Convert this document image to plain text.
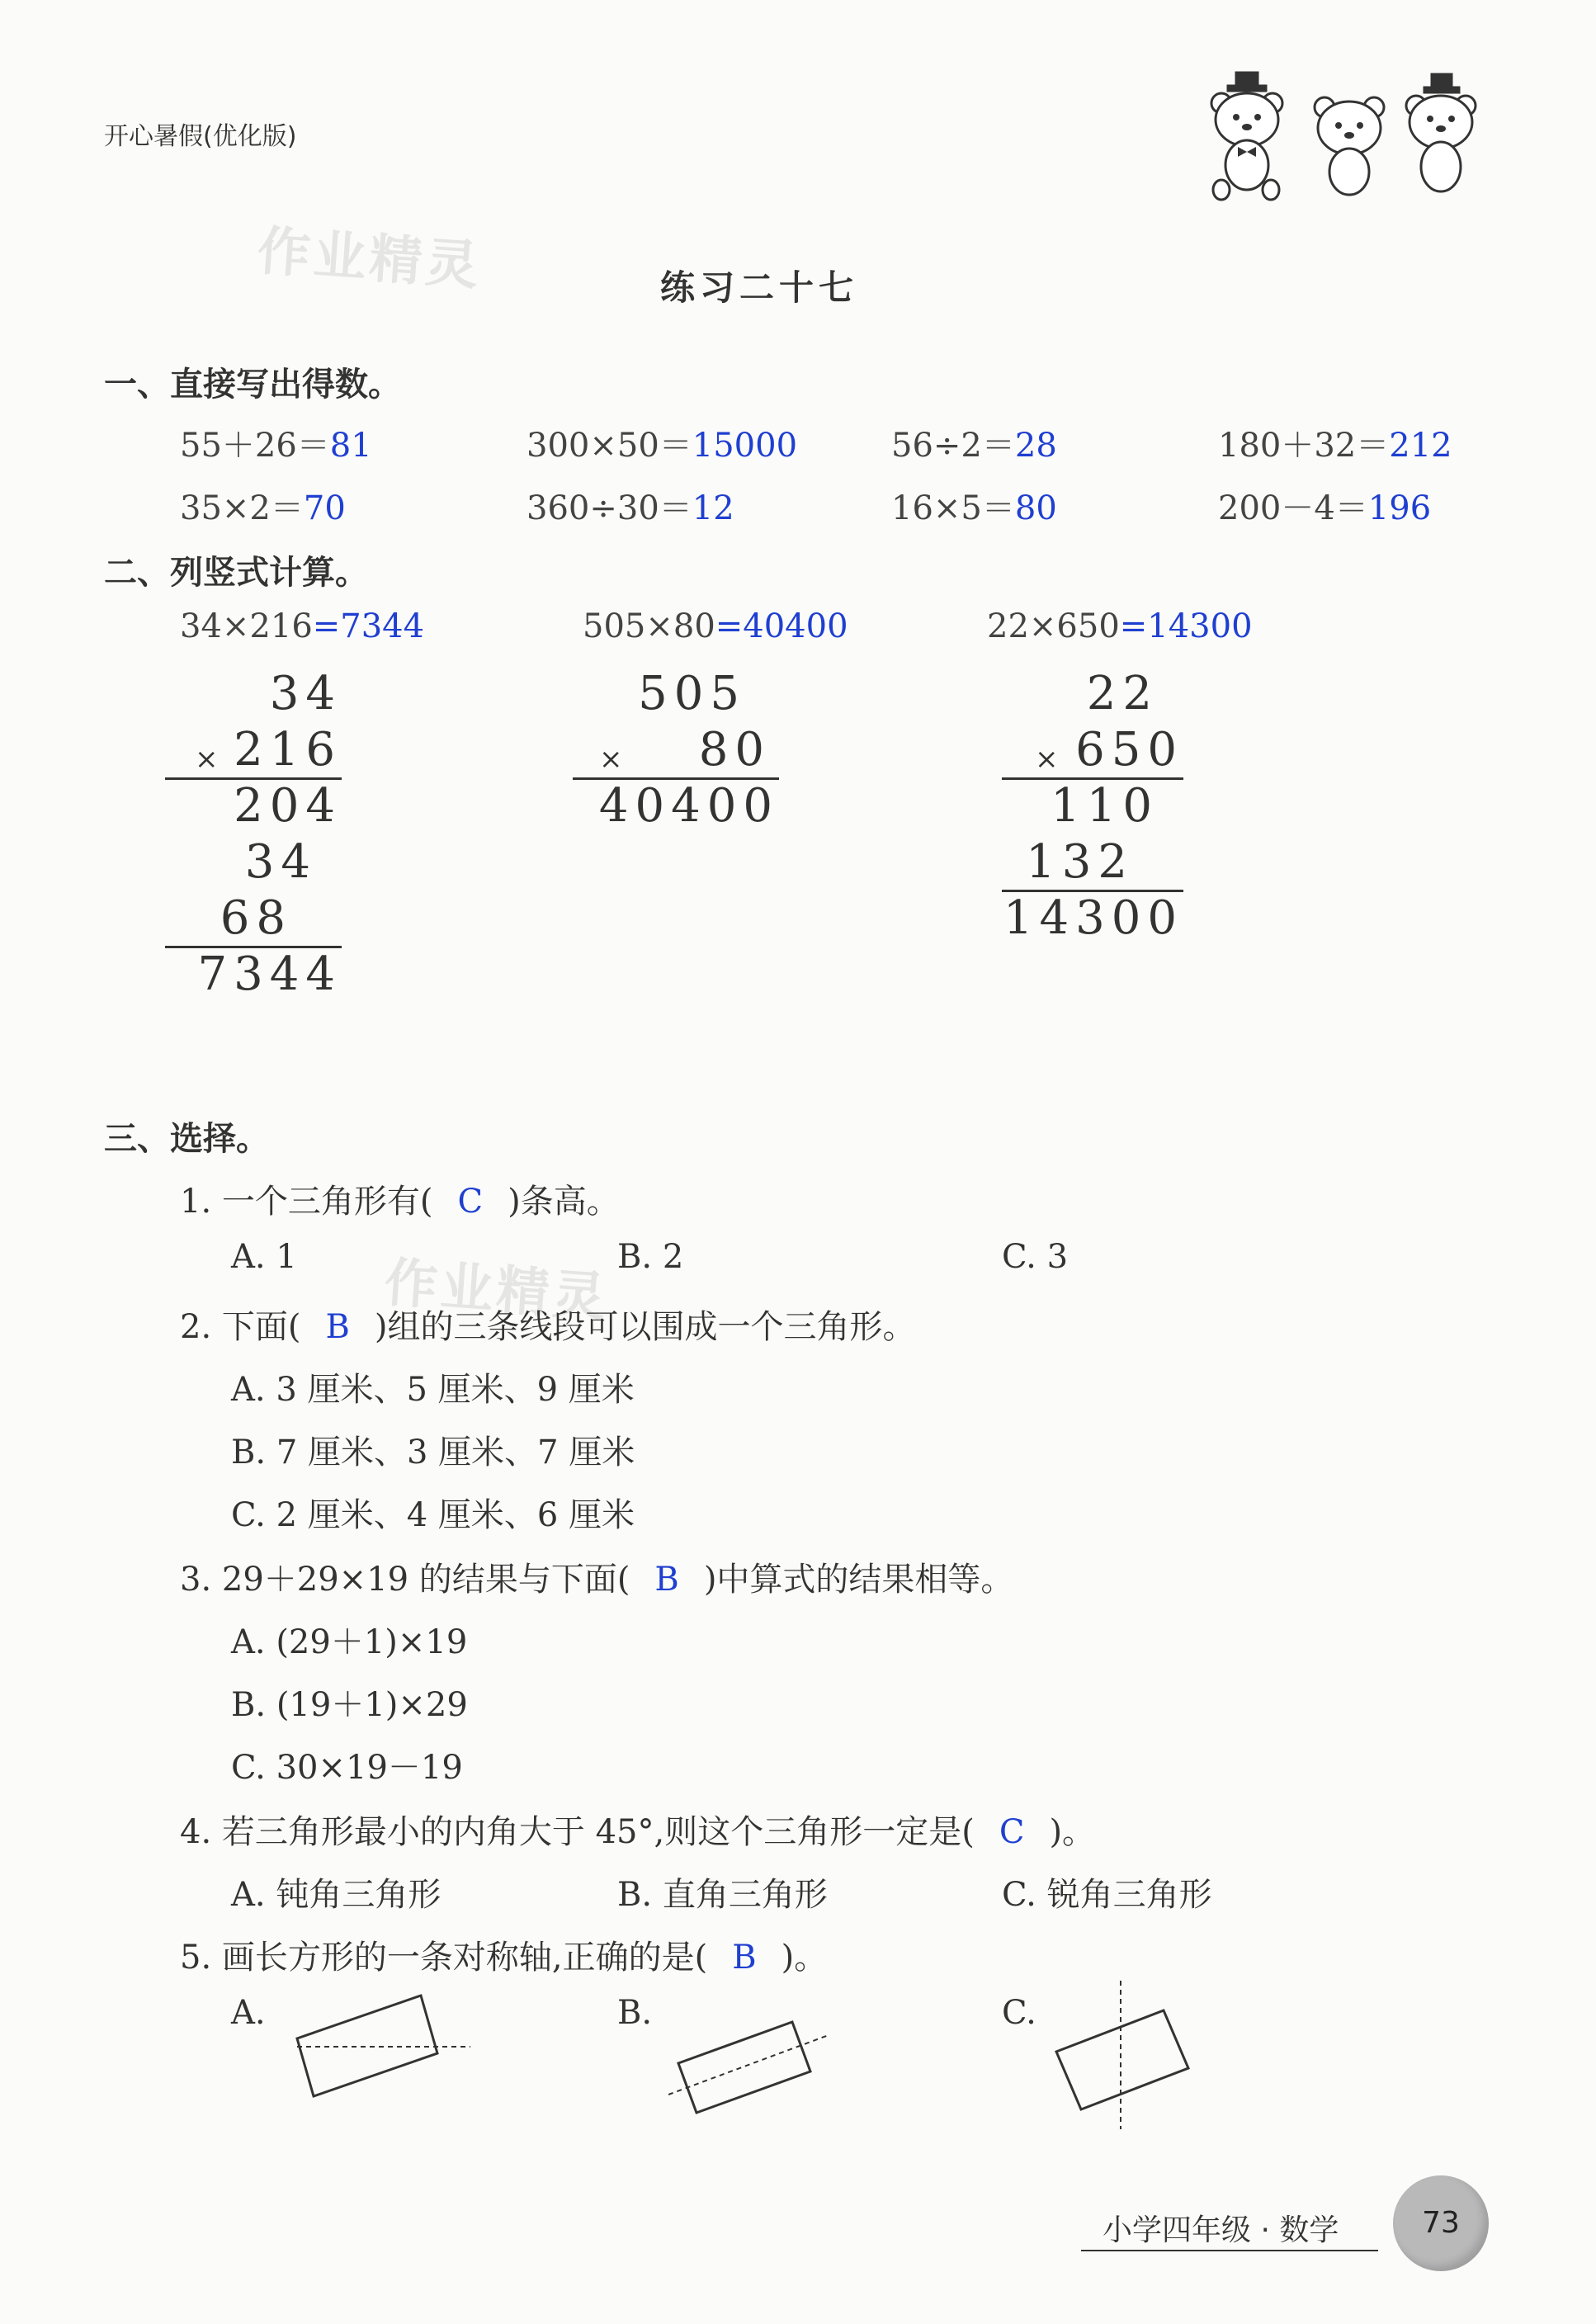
开心暑假(优化版)
作业精灵
作业精灵
练习二十七
一、直接写出得数。
55＋26＝81	300×50＝15000	56÷2＝28	180＋32＝212
35×2＝70	360÷30＝12	16×5＝80	200－4＝196
二、列竖式计算。
34×216=7344	505×80=40400	22×650=14300
34
× 216
204
34
68
7344
505
× 80
40400
22
× 650
110
132
14300
三、选择。
1. 一个三角形有( C )条高。
A. 1	B. 2	C. 3
2. 下面( B )组的三条线段可以围成一个三角形。
A. 3 厘米、5 厘米、9 厘米
B. 7 厘米、3 厘米、7 厘米
C. 2 厘米、4 厘米、6 厘米
3. 29＋29×19 的结果与下面( B )中算式的结果相等。
A. (29＋1)×19
B. (19＋1)×29
C. 30×19－19
4. 若三角形最小的内角大于 45°,则这个三角形一定是( C )。
A. 钝角三角形	B. 直角三角形	C. 锐角三角形
5. 画长方形的一条对称轴,正确的是( B )。
A.	B.	C.
小学四年级 · 数学	73
